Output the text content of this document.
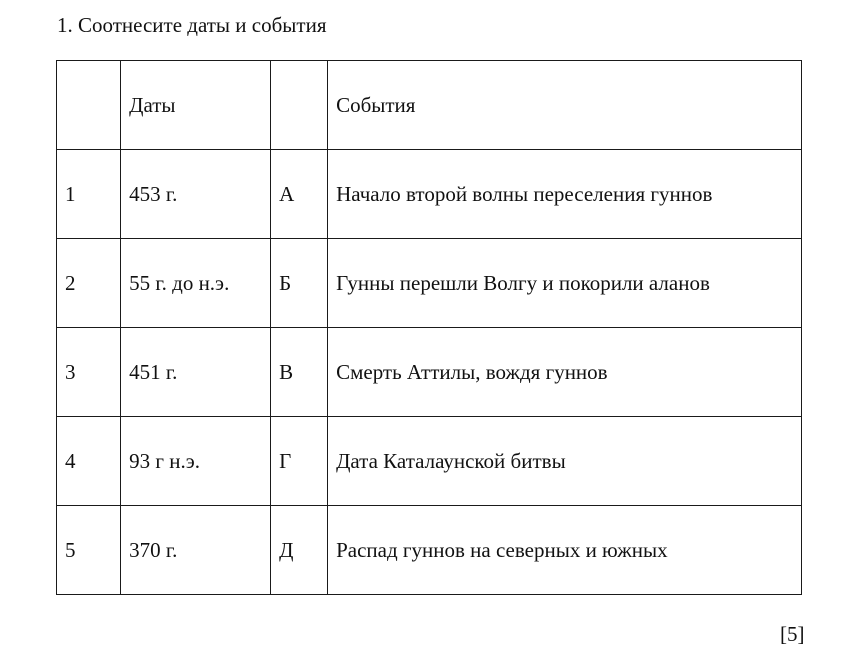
1. Соотнесите даты и события
	Даты		События
1	453 г.	А	Начало второй волны переселения гуннов
2	55 г. до н.э.	Б	Гунны перешли Волгу и покорили аланов
3	451 г.	В	Смерть Аттилы, вождя гуннов
4	93 г н.э.	Г	Дата Каталаунской битвы
5	370 г.	Д	Распад гуннов на северных и южных
[5]
